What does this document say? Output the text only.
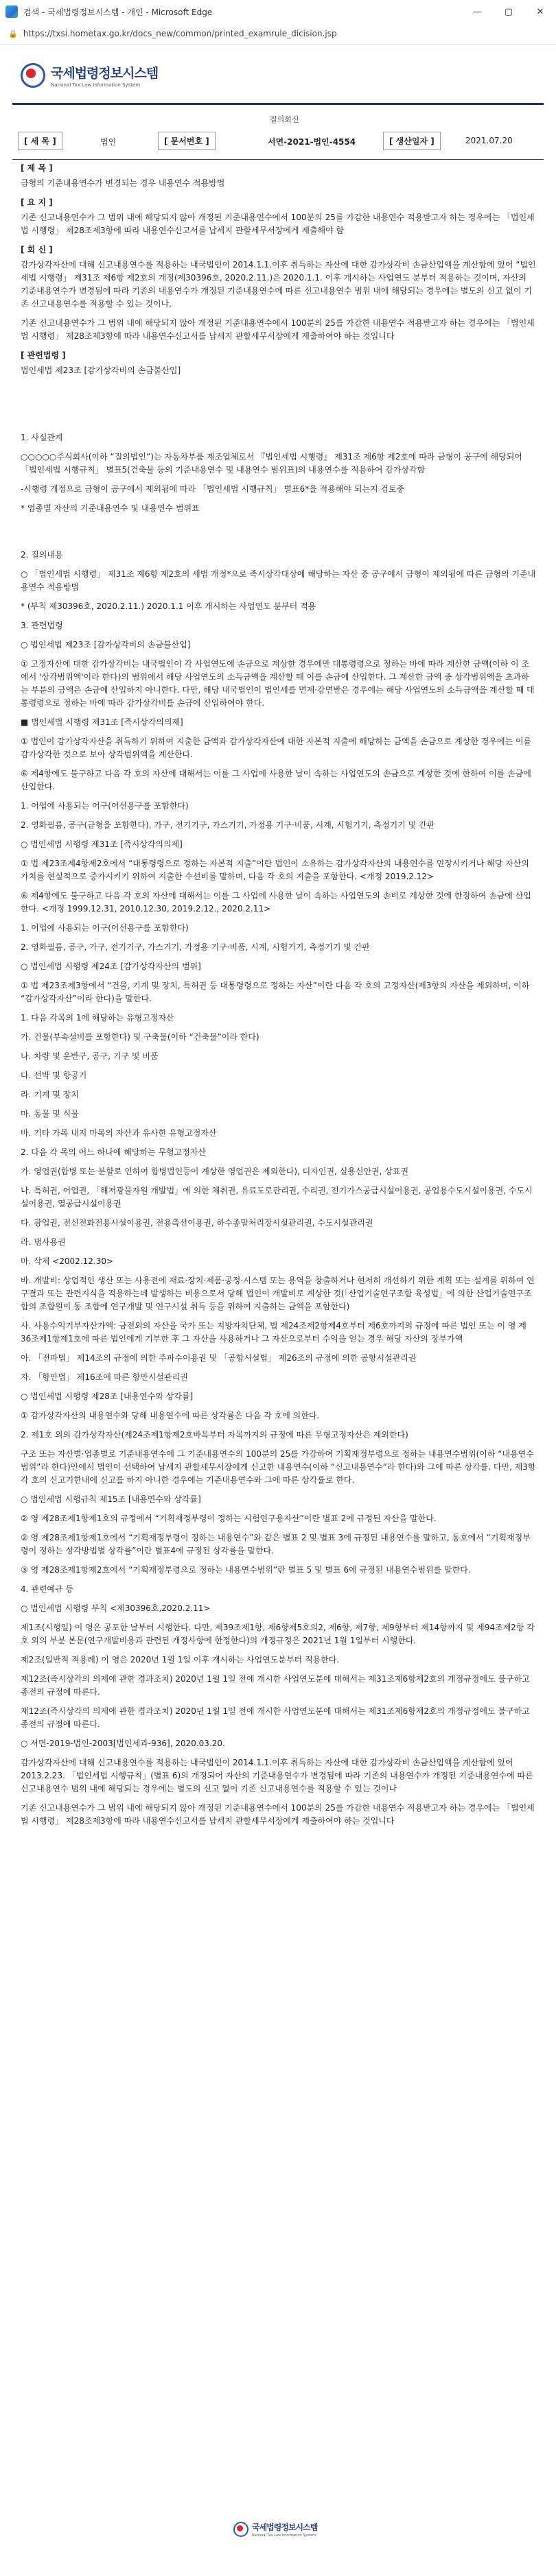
검색 - 국세법령정보시스템 - 개인 - Microsoft Edge	—	▢	✕
🔒 https://txsi.hometax.go.kr/docs_new/common/printed_examrule_dicision.jsp
국세법령정보시스템
National Tax Law Information System
질의회신
[ 세 목 ]	법인	[ 문서번호 ]	서면-2021-법인-4554	[ 생산일자 ]	2021.07.20

[ 제 목 ]

금형의 기준내용연수가 변경되는 경우 내용연수 적용방법

[ 요 지 ]

기존 신고내용연수가 그 범위 내에 해당되지 않아 개정된 기준내용연수에서 100분의 25를 가감한 내용연수 적용받고자 하는 경우에는 「법인세법 시행령」 제28조제3항에 따라 내용연수신고서를 납세지 관할세무서장에게 제출해야 함

[ 회 신 ]

감가상각자산에 대해 신고내용연수를 적용하는 내국법인이 2014.1.1.이후 취득하는 자산에 대한 감가상각비 손금산입액을 계산함에 있어 “법인세법 시행령」 제31조 제6항 제2호의 개정(제30396호, 2020.2.11.)은 2020.1.1. 이후 개시하는 사업연도 분부터 적용하는 것이며, 자산의 기준내용연수가 변경됨에 따라 기존의 내용연수가 개정된 기준내용연수에 따른 신고내용연수 범위 내에 해당되는 경우에는 별도의 신고 없이 기존 신고내용연수를 적용할 수 있는 것이나,

기존 신고내용연수가 그 범위 내에 해당되지 않아 개정된 기준내용연수에서 100분의 25를 가감한 내용연수 적용받고자 하는 경우에는 「법인세법 시행령」 제28조제3항에 따라 내용연수신고서를 납세지 관할세무서장에게 제출하여야 하는 것입니다

[ 관련법령 ]

법인세법 제23조 [감가상각비의 손금불산입]

1. 사실관계

○○○○○주식회사(이하 “질의법인”)는 자동차부품 제조업체로서 『법인세법 시행령』 제31조 제6항 제2호에 따라 금형이 공구에 해당되어 「법인세법 시행규칙」 별표5(건축물 등의 기준내용연수 및 내용연수 범위표)의 내용연수를 적용하여 감가상각함

-시행령 개정으로 금형이 공구에서 제외됨에 따라 「법인세법 시행규칙」 별표6*을 적용해야 되는지 검토중

* 업종별 자산의 기준내용연수 및 내용연수 범위표

2. 질의내용

○ 「법인세법 시행령」 제31조 제6항 제2호의 세법 개정*으로 즉시상각대상에 해당하는 자산 중 공구에서 금형이 제외됨에 따른 금형의 기준내용연수 적용방법

* (부칙 제30396호, 2020.2.11.) 2020.1.1 이후 개시하는 사업연도 분부터 적용

3. 관련법령

○ 법인세법 제23조 [감가상각비의 손금불산입]

① 고정자산에 대한 감가상각비는 내국법인이 각 사업연도에 손금으로 계상한 경우에만 대통령령으로 정하는 바에 따라 계산한 금액(이하 이 조에서 '상각범위액'이라 한다)의 범위에서 해당 사업연도의 소득금액을 계산할 때 이를 손금에 산입한다. 그 계산한 금액 중 상각범위액을 초과하는 부분의 금액은 손금에 산입하지 아니한다. 다만, 해당 내국법인이 법인세를 면제·감면받은 경우에는 해당 사업연도의 소득금액을 계산할 때 대통령령으로 정하는 바에 따라 감가상각비를 손금에 산입하여야 한다.

■ 법인세법 시행령 제31조 [즉시상각의의제]

① 법인이 감가상각자산을 취득하기 위하여 지출한 금액과 감가상각자산에 대한 자본적 지출에 해당하는 금액을 손금으로 계상한 경우에는 이를 감가상각한 것으로 보아 상각범위액을 계산한다.

⑥ 제4항에도 불구하고 다음 각 호의 자산에 대해서는 이를 그 사업에 사용한 날이 속하는 사업연도의 손금으로 계상한 것에 한하여 이를 손금에 산입한다.

1. 어업에 사용되는 어구(어선용구를 포함한다)

2. 영화필름, 공구(금형을 포함한다), 가구, 전기기구, 가스기기, 가정용 기구·비품, 시계, 시험기기, 측정기기 및 간판

○ 법인세법 시행령 제31조 [즉시상각의의제]

① 법 제23조제4항제2호에서 “대통령령으로 정하는 자본적 지출”이란 법인이 소유하는 감가상각자산의 내용연수를 연장시키거나 해당 자산의 가치를 현실적으로 증가시키기 위하여 지출한 수선비를 말하며, 다음 각 호의 지출을 포함한다. <개정 2019.2.12>

⑥ 제4항에도 불구하고 다음 각 호의 자산에 대해서는 이를 그 사업에 사용한 날이 속하는 사업연도의 손비로 계상한 것에 한정하여 손금에 산입한다. <개정 1999.12.31, 2010.12.30, 2019.2.12., 2020.2.11>

1. 어업에 사용되는 어구(어선용구를 포함한다)

2. 영화필름, 공구, 가구, 전기기구, 가스기기, 가정용 기구·비품, 시계, 시험기기, 측정기기 및 간판

○ 법인세법 시행령 제24조 [감가상각자산의 범위]

① 법 제23조제3항에서 “건물, 기계 및 장치, 특허권 등 대통령령으로 정하는 자산”이란 다음 각 호의 고정자산(제3항의 자산을 제외하며, 이하 “감가상각자산”이라 한다)을 말한다.

1. 다음 각목의 1에 해당하는 유형고정자산

가. 건물(부속설비를 포함한다) 및 구축물(이하 “건축물”이라 한다)

나. 차량 및 운반구, 공구, 기구 및 비품

다. 선박 및 항공기

라. 기계 및 장치

마. 동물 및 식물

바. 기타 가목 내지 마목의 자산과 유사한 유형고정자산

2. 다음 각 목의 어느 하나에 해당하는 무형고정자산

가. 영업권(합병 또는 분할로 인하여 합병법인등이 계상한 영업권은 제외한다), 디자인권, 실용신안권, 상표권

나. 특허권, 어업권, 「해저광물자원 개발법」에 의한 채취권, 유료도로관리권, 수리권, 전기가스공급시설이용권, 공업용수도시설이용권, 수도시설이용권, 열공급시설이용권

다. 광업권, 전신전화전용시설이용권, 전용측선이용권, 하수종말처리장시설관리권, 수도시설관리권

라. 댐사용권

마. 삭제 <2002.12.30>

바. 개발비: 상업적인 생산 또는 사용전에 재료·장치·제품·공정·시스템 또는 용역을 창출하거나 현저히 개선하기 위한 계획 또는 설계를 위하여 연구결과 또는 관련지식을 적용하는데 발생하는 비용으로서 당해 법인이 개발비로 계상한 것(「산업기술연구조합 육성법」에 의한 산업기술연구조합의 조합원이 동 조합에 연구개발 및 연구시설 취득 등을 위하여 지출하는 금액을 포함한다)

사. 사용수익기부자산가액: 금전외의 자산을 국가 또는 지방자치단체, 법 제24조제2항제4호부터 제6호까지의 규정에 따른 법인 또는 이 영 제36조제1항제1호에 따른 법인에게 기부한 후 그 자산을 사용하거나 그 자산으로부터 수익을 얻는 경우 해당 자산의 장부가액

아. 「전파법」 제14조의 규정에 의한 주파수이용권 및 「공항시설법」 제26조의 규정에 의한 공항시설관리권

자. 「항만법」 제16조에 따른 항만시설관리권

○ 법인세법 시행령 제28조 [내용연수와 상각률]

① 감가상각자산의 내용연수와 당해 내용연수에 따른 상각률은 다음 각 호에 의한다.

2. 제1호 외의 감가상각자산(제24조제1항제2호바목부터 자목까지의 규정에 따른 무형고정자산은 제외한다)

구조 또는 자산별·업종별로 기준내용연수에 그 기준내용연수의 100분의 25를 가감하여 기획재정부령으로 정하는 내용연수범위(이하 “내용연수범위”라 한다)안에서 법인이 선택하여 납세지 관할세무서장에게 신고한 내용연수(이하 “신고내용연수”라 한다)와 그에 따른 상각률. 다만, 제3항 각 호의 신고기한내에 신고를 하지 아니한 경우에는 기준내용연수와 그에 따른 상각률로 한다.

○ 법인세법 시행규칙 제15조 [내용연수와 상각률]

② 영 제28조제1항제1호의 규정에서 “기획재정부령이 정하는 시험연구용자산”이란 별표 2에 규정된 자산을 말한다.

② 영 제28조제1항제1호에서 “기획재정부령이 정하는 내용연수”와 같은 별표 2 및 별표 3에 규정된 내용연수를 말하고, 동호에서 “기획재정부령이 정하는 상각방법별 상각률”이란 별표4에 규정된 상각률을 말한다.

③ 영 제28조제1항제2호에서 “기획재정부령으로 정하는 내용연수범위”란 별표 5 및 별표 6에 규정된 내용연수범위를 말한다.

4. 관련예규 등

○ 법인세법 시행령 부칙 <제30396호,2020.2.11>

제1조(시행일) 이 영은 공포한 날부터 시행한다. 다만, 제39조제1항, 제6항제5호의2, 제6항, 제7항, 제9항부터 제14항까지 및 제94조제2항 각 호 외의 부분 본문(연구개발비용과 관련된 개정사항에 한정한다)의 개정규정은 2021년 1월 1일부터 시행한다.

제2조(일반적 적용례) 이 영은 2020년 1월 1일 이후 개시하는 사업연도분부터 적용한다.

제12조(즉시상각의 의제에 관한 경과조치) 2020년 1월 1일 전에 개시한 사업연도분에 대해서는 제31조제6항제2호의 개정규정에도 불구하고 종전의 규정에 따른다.

제12조(즉시상각의 의제에 관한 경과조치) 2020년 1월 1일 전에 개시한 사업연도분에 대해서는 제31조제6항제2호의 개정규정에도 불구하고 종전의 규정에 따른다.

○ 서면-2019-법인-2003[법인세과-936], 2020.03.20.

감가상각자산에 대해 신고내용연수를 적용하는 내국법인이 2014.1.1.이후 취득하는 자산에 대한 감가상각비 손금산입액을 계산함에 있어 2013.2.23. 「법인세법 시행규칙」(별표 6)의 개정되어 자산의 기준내용연수가 변경됨에 따라 기존의 내용연수가 개정된 기준내용연수에 따른 신고내용연수 범위 내에 해당되는 경우에는 별도의 신고 없이 기존 신고내용연수를 적용할 수 있는 것이나

기존 신고내용연수가 그 범위 내에 해당되지 않아 개정된 기준내용연수에서 100분의 25를 가감한 내용연수 적용받고자 하는 경우에는 「법인세법 시행령」 제28조제3항에 따라 내용연수신고서를 납세지 관할세무서장에게 제출하여야 하는 것입니다

국세법령정보시스템
National Tax Law Information System
